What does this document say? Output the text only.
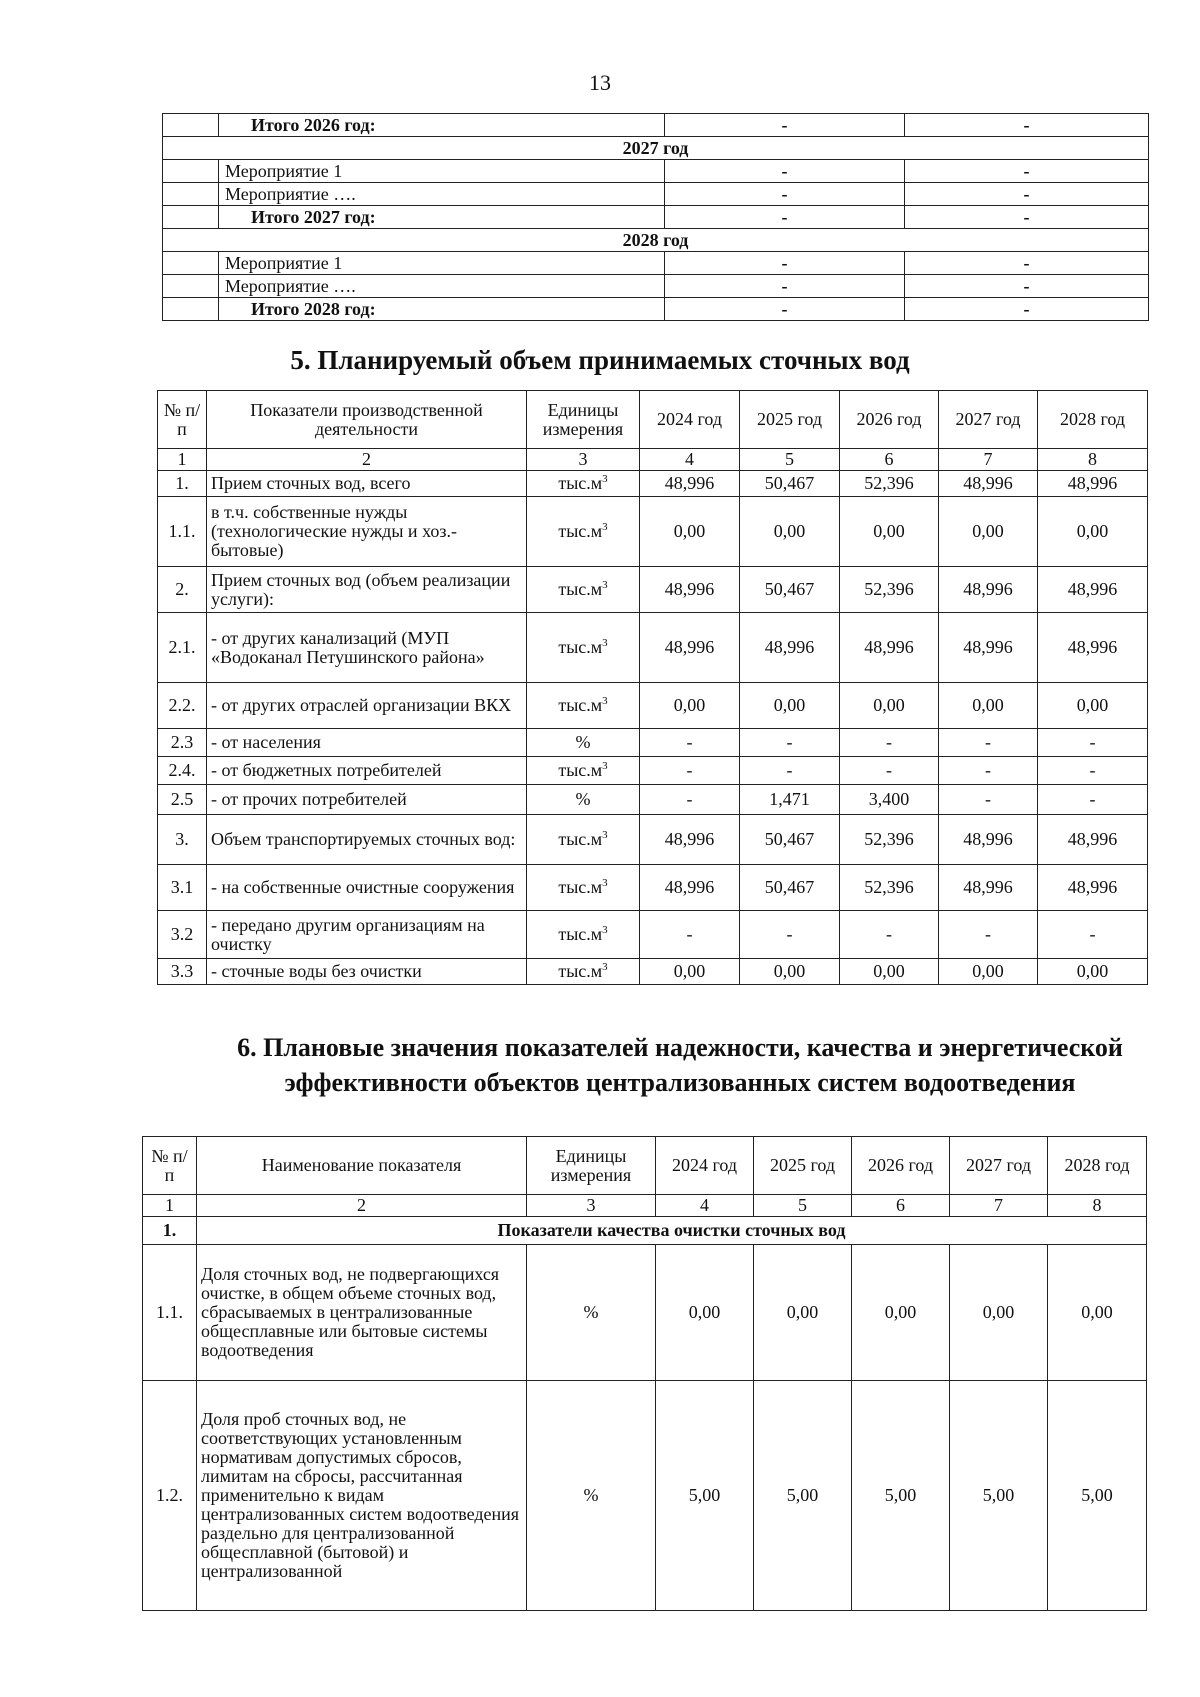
13
	Итого 2026 год:	-	-
2027 год			
	Мероприятие 1	-	-
	Мероприятие ….	-	-
	Итого 2027 год:	-	-
2028 год			
	Мероприятие 1	-	-
	Мероприятие ….	-	-
	Итого 2028 год:	-	-
5. Планируемый объем принимаемых сточных вод
№ п/п	Показатели производственной деятельности	Единицы измерения	2024 год	2025 год	2026 год	2027 год	2028 год
1	2	3	4	5	6	7	8
1.	Прием сточных вод, всего	$тыс.м^3$	48,996	50,467	52,396	48,996	48,996
1.1.	в т.ч. собственные нужды (технологические нужды и хоз.-бытовые)	$тыс.м^3$	0,00	0,00	0,00	0,00	0,00
2.	Прием сточных вод (объем реализации услуги):	$тыс.м^3$	48,996	50,467	52,396	48,996	48,996
2.1.	- от других канализаций (МУП «Водоканал Петушинского района»	$тыс.м^3$	48,996	48,996	48,996	48,996	48,996
2.2.	- от других отраслей организации ВКХ	$тыс.м^3$	0,00	0,00	0,00	0,00	0,00
2.3	- от населения	%	-	-	-	-	-
2.4.	- от бюджетных потребителей	$тыс.м^3$	-	-	-	-	-
2.5	- от прочих потребителей	%	-	1,471	3,400	-	-
3.	Объем транспортируемых сточных вод:	$тыс.м^3$	48,996	50,467	52,396	48,996	48,996
3.1	- на собственные очистные сооружения	$тыс.м^3$	48,996	50,467	52,396	48,996	48,996
3.2	- передано другим организациям на очистку	$тыс.м^3$	-	-	-	-	-
3.3	- сточные воды без очистки	$тыс.м^3$	0,00	0,00	0,00	0,00	0,00
6. Плановые значения показателей надежности, качества и энергетической эффективности объектов централизованных систем водоотведения
№ п/п	Наименование показателя	Единицы измерения	2024 год	2025 год	2026 год	2027 год	2028 год
1	2	3	4	5	6	7	8
1.	Показатели качества очистки сточных вод						
1.1.	Доля сточных вод, не подвергающихся очистке, в общем объеме сточных вод, сбрасываемых в централизованные общесплавные или бытовые системы водоотведения	%	0,00	0,00	0,00	0,00	0,00
1.2.	Доля проб сточных вод, не соответствующих установленным нормативам допустимых сбросов, лимитам на сбросы, рассчитанная применительно к видам централизованных систем водоотведения раздельно для централизованной общесплавной (бытовой) и централизованной	%	5,00	5,00	5,00	5,00	5,00
